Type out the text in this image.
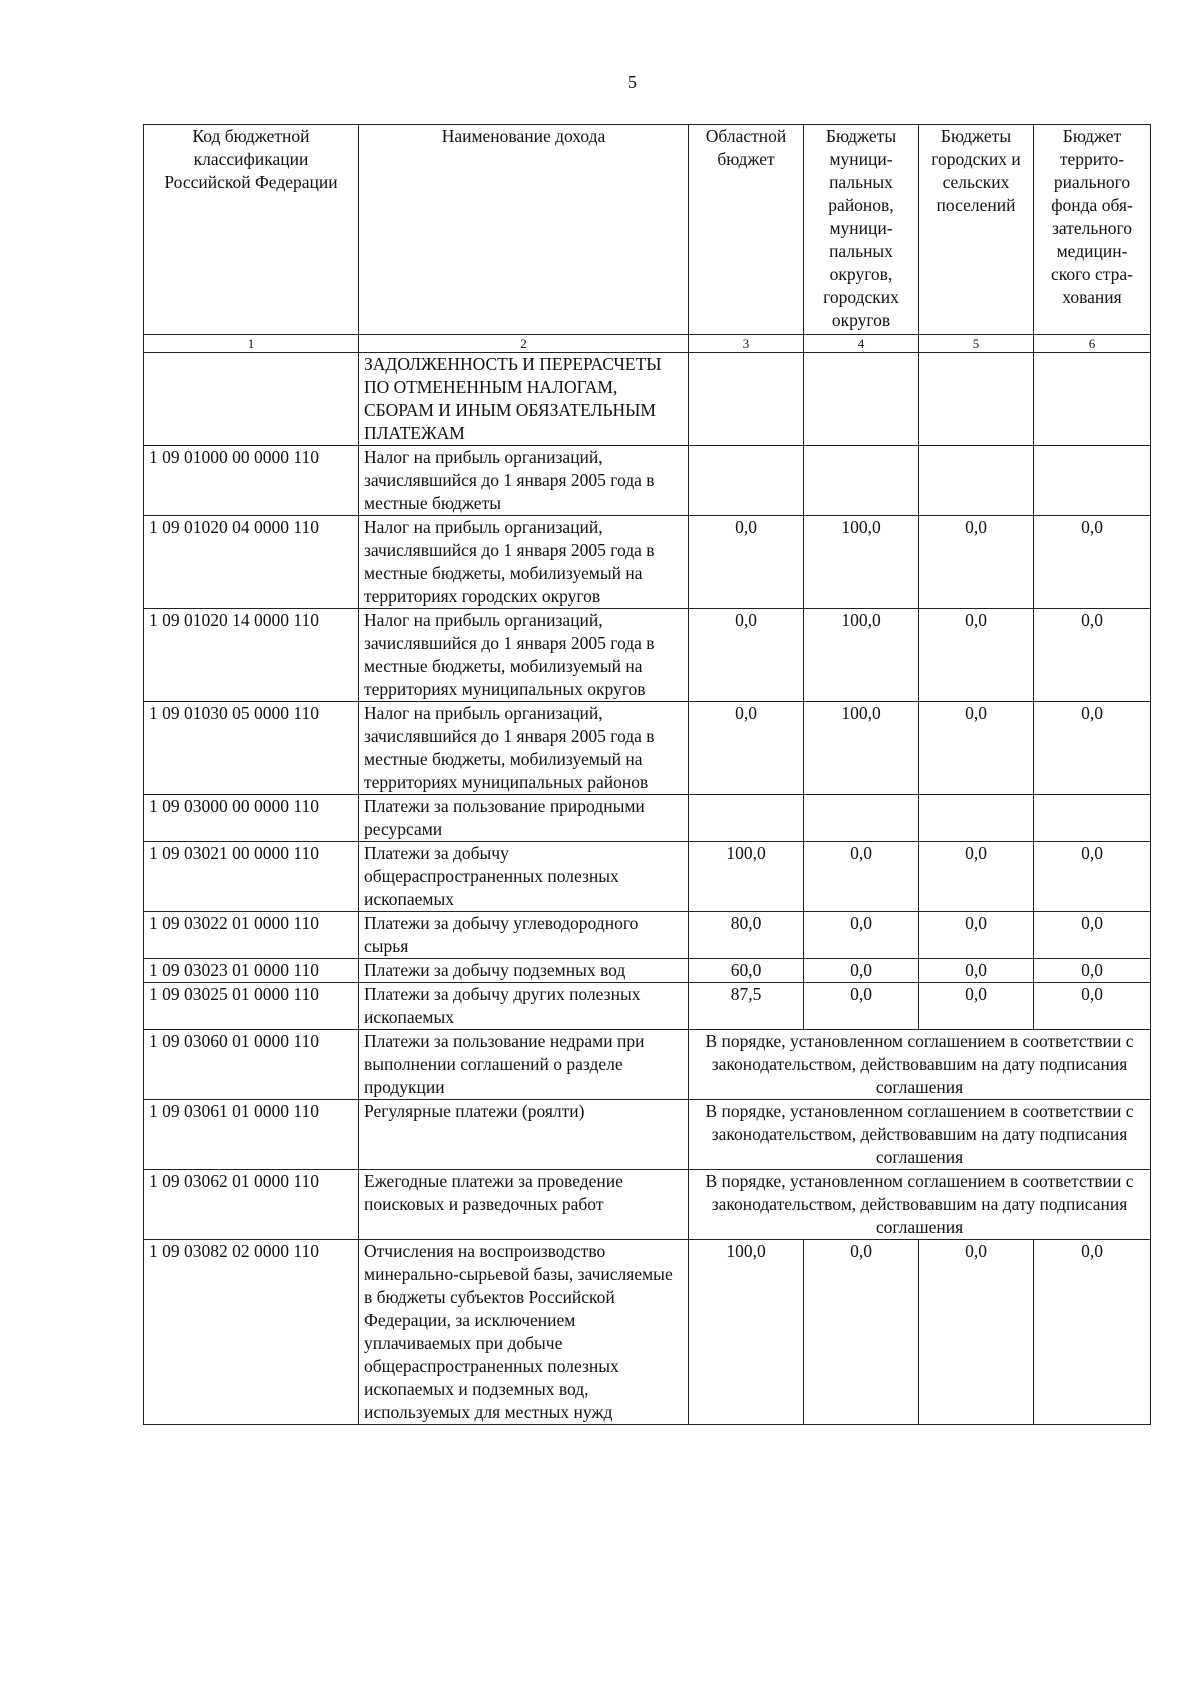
5
Код бюджетной классификации Российской Федерации	Наименование дохода	Областной бюджет	Бюджеты муници-пальных районов, муници-пальных округов, городских округов	Бюджеты городских и сельских поселений	Бюджет террито-риального фонда обя-зательного медицин-ского стра-хования
1	2	3	4	5	6
	ЗАДОЛЖЕННОСТЬ И ПЕРЕРАСЧЕТЫ ПО ОТМЕНЕННЫМ НАЛОГАМ, СБОРАМ И ИНЫМ ОБЯЗАТЕЛЬНЫМ ПЛАТЕЖАМ				
1 09 01000 00 0000 110	Налог на прибыль организаций, зачислявшийся до 1 января 2005 года в местные бюджеты				
1 09 01020 04 0000 110	Налог на прибыль организаций, зачислявшийся до 1 января 2005 года в местные бюджеты, мобилизуемый на территориях городских округов	0,0	100,0	0,0	0,0
1 09 01020 14 0000 110	Налог на прибыль организаций, зачислявшийся до 1 января 2005 года в местные бюджеты, мобилизуемый на территориях муниципальных округов	0,0	100,0	0,0	0,0
1 09 01030 05 0000 110	Налог на прибыль организаций, зачислявшийся до 1 января 2005 года в местные бюджеты, мобилизуемый на территориях муниципальных районов	0,0	100,0	0,0	0,0
1 09 03000 00 0000 110	Платежи за пользование природными ресурсами				
1 09 03021 00 0000 110	Платежи за добычу общераспространенных полезных ископаемых	100,0	0,0	0,0	0,0
1 09 03022 01 0000 110	Платежи за добычу углеводородного сырья	80,0	0,0	0,0	0,0
1 09 03023 01 0000 110	Платежи за добычу подземных вод	60,0	0,0	0,0	0,0
1 09 03025 01 0000 110	Платежи за добычу других полезных ископаемых	87,5	0,0	0,0	0,0
1 09 03060 01 0000 110	Платежи за пользование недрами при выполнении соглашений о разделе продукции	В порядке, установленном соглашением в соответствии с законодательством, действовавшим на дату подписания соглашения			
1 09 03061 01 0000 110	Регулярные платежи (роялти)	В порядке, установленном соглашением в соответствии с законодательством, действовавшим на дату подписания соглашения			
1 09 03062 01 0000 110	Ежегодные платежи за проведение поисковых и разведочных работ	В порядке, установленном соглашением в соответствии с законодательством, действовавшим на дату подписания соглашения			
1 09 03082 02 0000 110	Отчисления на воспроизводство минерально-сырьевой базы, зачисляемые в бюджеты субъектов Российской Федерации, за исключением уплачиваемых при добыче общераспространенных полезных ископаемых и подземных вод, используемых для местных нужд	100,0	0,0	0,0	0,0
